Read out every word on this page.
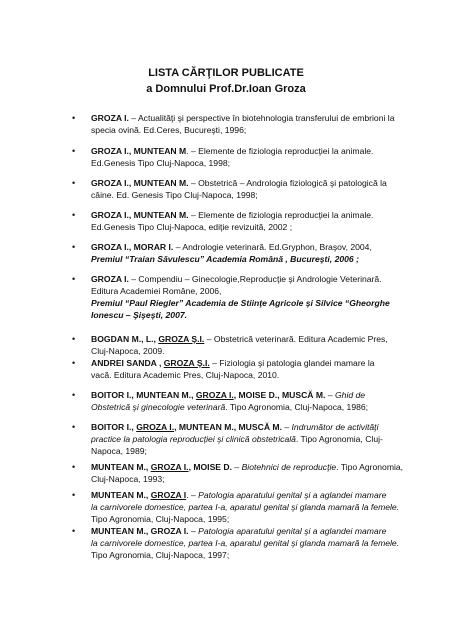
LISTA CĂRŢILOR PUBLICATE
a Domnului Prof.Dr.Ioan Groza
• GROZA I. – Actualităţi şi perspective în biotehnologia transferului de embrioni la
specia ovină. Ed.Ceres, Bucureşti, 1996;
• GROZA I., MUNTEAN M. – Elemente de fiziologia reproducţiei la animale.
Ed.Genesis Tipo Cluj-Napoca, 1998;
• GROZA I., MUNTEAN M. – Obstetrică – Andrologia fiziologică şi patologică la
câine. Ed. Genesis Tipo Cluj-Napoca, 1998;
• GROZA I., MUNTEAN M. – Elemente de fiziologia reproducţiei la animale.
Ed.Genesis Tipo Cluj-Napoca, ediţie revizuită, 2002 ;
• GROZA I., MORAR I. – Andrologie veterinară. Ed.Gryphon, Braşov, 2004,
Premiul “Traian Săvulescu” Academia Română , Bucureşti, 2006 ;
• GROZA I. – Compendiu – Ginecologie,Reproducţie şi Andrologie Veterinară.
Editura Academiei Române, 2006,
Premiul “Paul Riegler” Academia de Stiinţe Agricole şi Silvice “Gheorghe
Ionescu – Şişeşti, 2007.
• BOGDAN M., L., GROZA Ş.I. – Obstetrică veterinară. Editura Academic Pres,
Cluj-Napoca, 2009.
• ANDREI SANDA , GROZA Ş.I. – Fiziologia şi patologia glandei mamare la
vacă. Editura Academic Pres, Cluj-Napoca, 2010.
• BOITOR I., MUNTEAN M., GROZA I., MOISE D., MUSCĂ M. – Ghid de
Obstetrică şi ginecologie veterinară. Tipo Agronomia, Cluj-Napoca, 1986;
• BOITOR I., GROZA I., MUNTEAN M., MUSCĂ M. – Indrumător de activităţi
practice la patologia reproducţiei şi clinică obstetricală. Tipo Agronomia, Cluj-
Napoca, 1989;
• MUNTEAN M., GROZA I., MOISE D. – Biotehnici de reproducţie. Tipo Agronomia,
Cluj-Napoca, 1993;
• MUNTEAN M., GROZA I. – Patologia aparatului genital şi a aglandei mamare
la carnivorele domestice, partea I-a, aparatul genital şi glanda mamară la femele.
Tipo Agronomia, Cluj-Napoca, 1995;
• MUNTEAN M., GROZA I. – Patologia aparatului genital şi a aglandei mamare
la carnivorele domestice, partea I-a, aparatul genital şi glanda mamară la femele.
Tipo Agronomia, Cluj-Napoca, 1997;
